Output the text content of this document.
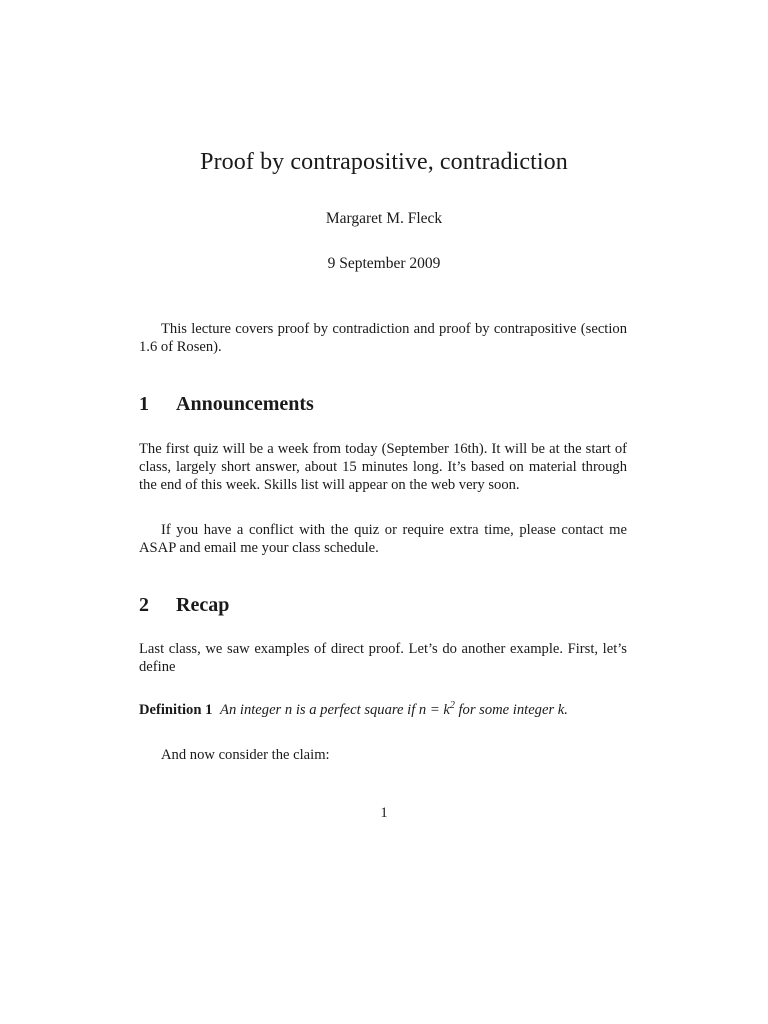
Proof by contrapositive, contradiction
Margaret M. Fleck
9 September 2009
This lecture covers proof by contradiction and proof by contrapositive (section 1.6 of Rosen).
1 Announcements
The first quiz will be a week from today (September 16th). It will be at the start of class, largely short answer, about 15 minutes long. It’s based on material through the end of this week. Skills list will appear on the web very soon.
If you have a conflict with the quiz or require extra time, please contact me ASAP and email me your class schedule.
2 Recap
Last class, we saw examples of direct proof. Let’s do another example. First, let’s define
Definition 1 An integer n is a perfect square if $n = k^2$ for some integer k.
And now consider the claim:
1
